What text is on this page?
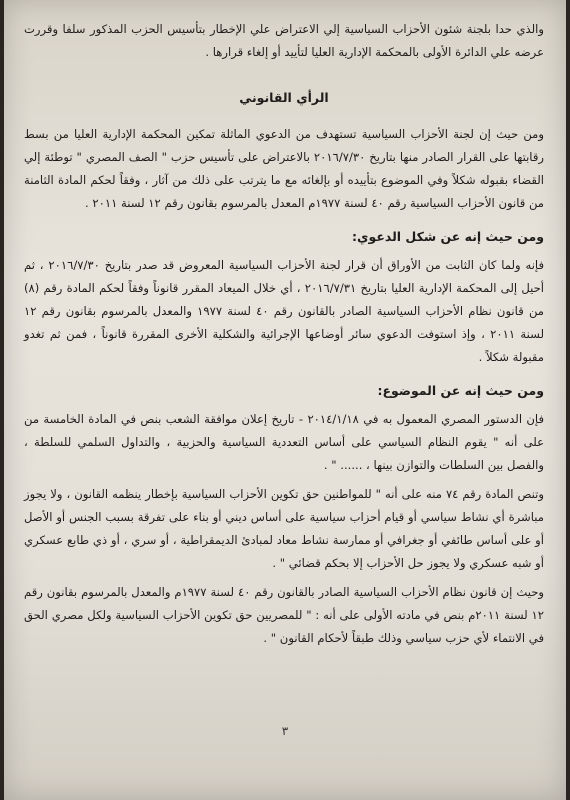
والذي حدا بلجنة شئون الأحزاب السياسية إلي الاعتراض علي الإخطار بتأسيس الحزب المذكور سلفا وقررت عرضه علي الدائرة الأولى بالمحكمة الإدارية العليا لتأييد أو إلغاء قرارها .

الرأي القانوني

ومن حيث إن لجنة الأحزاب السياسية تستهدف من الدعوي الماثلة تمكين المحكمة الإدارية العليا من بسط رقابتها على القرار الصادر منها بتاريخ ٢٠١٦/٧/٣٠ بالاعتراض على تأسيس حزب " الصف المصري " توطئة إلي القضاء بقبوله شكلاً وفي الموضوع بتأييده أو بإلغائه مع ما يترتب على ذلك من آثار ، وفقاً لحكم المادة الثامنة من قانون الأحزاب السياسية رقم ٤٠ لسنة ١٩٧٧م المعدل بالمرسوم بقانون رقم ١٢ لسنة ٢٠١١ .

ومن حيث إنه عن شكل الدعوي:

فإنه ولما كان الثابت من الأوراق أن قرار لجنة الأحزاب السياسية المعروض قد صدر بتاريخ ٢٠١٦/٧/٣٠ ، ثم أحيل إلى المحكمة الإدارية العليا بتاريخ ٢٠١٦/٧/٣١ ، أي خلال الميعاد المقرر قانوناً وفقاً لحكم المادة رقم (٨) من قانون نظام الأحزاب السياسية الصادر بالقانون رقم ٤٠ لسنة ١٩٧٧ والمعدل بالمرسوم بقانون رقم ١٢ لسنة ٢٠١١ ، وإذ استوفت الدعوي سائر أوضاعها الإجرائية والشكلية الأخرى المقررة قانوناً ، فمن ثم تغدو مقبولة شكلاً .

ومن حيث إنه عن الموضوع:

فإن الدستور المصري المعمول به في ٢٠١٤/١/١٨ - تاريخ إعلان موافقة الشعب بنص في المادة الخامسة من على أنه " يقوم النظام السياسي على أساس التعددية السياسية والحزبية ، والتداول السلمي للسلطة ، والفصل بين السلطات والتوازن بينها ، ...... " .

وتنص المادة رقم ٧٤ منه على أنه " للمواطنين حق تكوين الأحزاب السياسية بإخطار ينظمه القانون ، ولا يجوز مباشرة أي نشاط سياسي أو قيام أحزاب سياسية على أساس ديني أو بناء على تفرقة بسبب الجنس أو الأصل أو على أساس طائفي أو جغرافي أو ممارسة نشاط معاد لمبادئ الديمقراطية ، أو سري ، أو ذي طابع عسكري أو شبه عسكري ولا يجوز حل الأحزاب إلا بحكم قضائي " .

وحيث إن قانون نظام الأحزاب السياسية الصادر بالقانون رقم ٤٠ لسنة ١٩٧٧م والمعدل بالمرسوم بقانون رقم ١٢ لسنة ٢٠١١م بنص في مادته الأولى على أنه : " للمصريين حق تكوين الأحزاب السياسية ولكل مصري الحق في الانتماء لأي حزب سياسي وذلك طبقاً لأحكام القانون " .

٣
